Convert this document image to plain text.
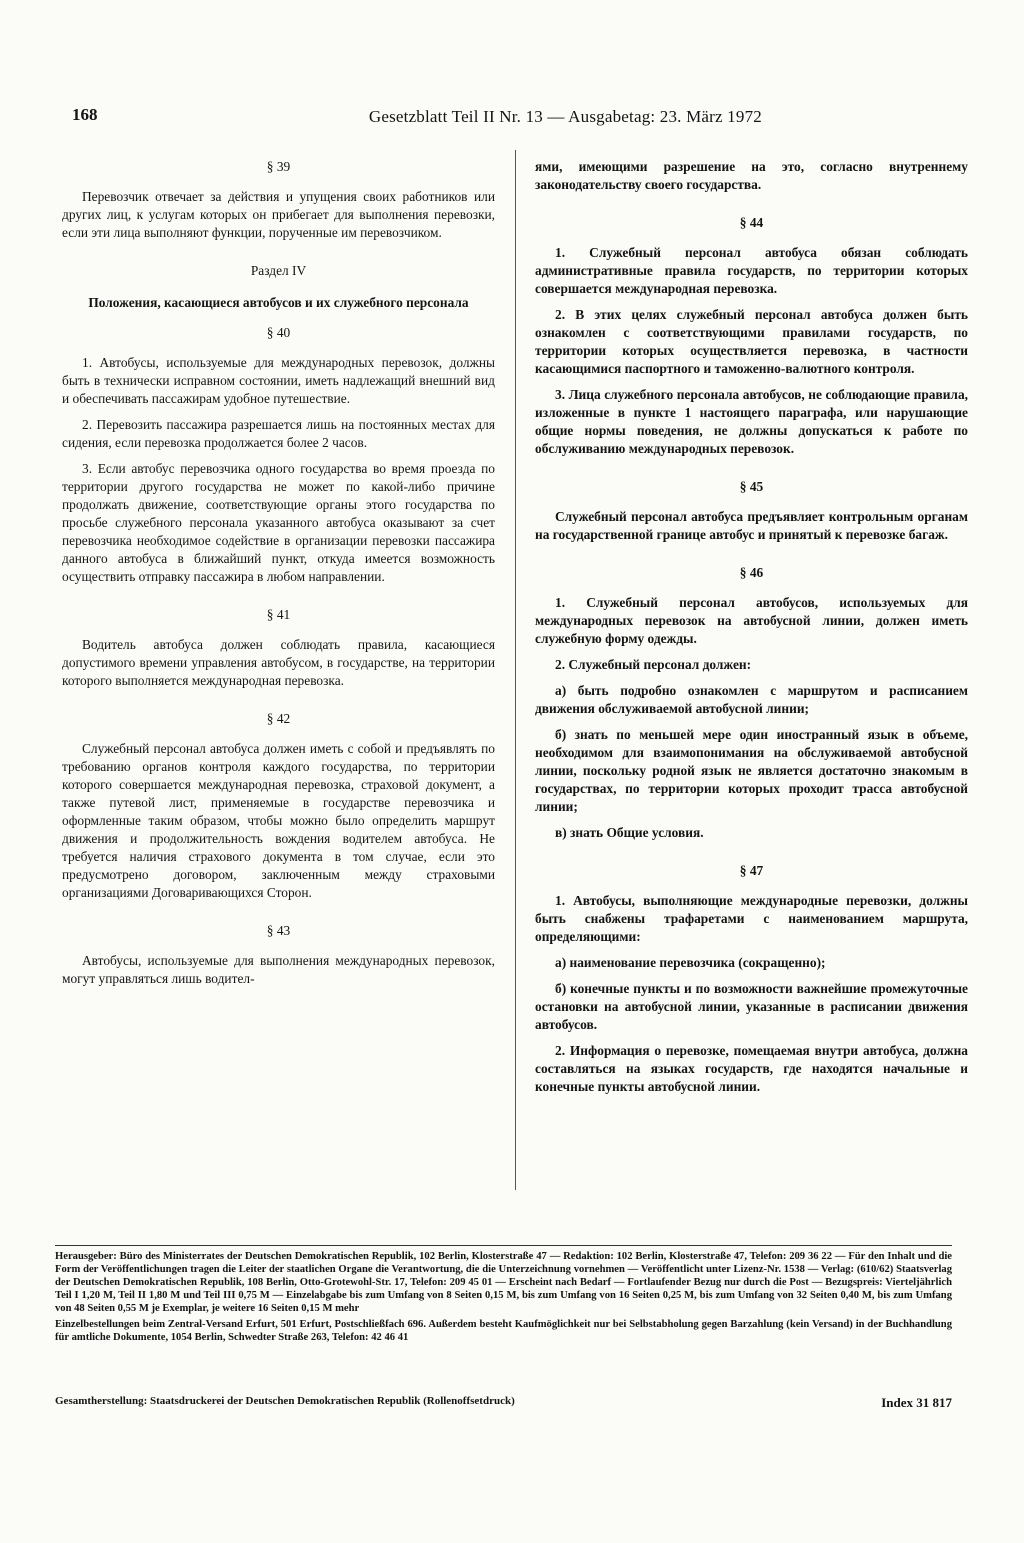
168	Gesetzblatt Teil II Nr. 13 — Ausgabetag: 23. März 1972
§ 39

Перевозчик отвечает за действия и упущения своих работников или других лиц, к услугам которых он прибегает для выполнения перевозки, если эти лица выполняют функции, порученные им перевозчиком.

Раздел IV
Положения, касающиеся автобусов и их служебного персонала
§ 40

1. Автобусы, используемые для международных перевозок, должны быть в технически исправном состоянии, иметь надлежащий внешний вид и обеспечивать пассажирам удобное путешествие.

2. Перевозить пассажира разрешается лишь на постоянных местах для сидения, если перевозка продолжается более 2 часов.

3. Если автобус перевозчика одного государства во время проезда по территории другого государства не может по какой-либо причине продолжать движение, соответствующие органы этого государства по просьбе служебного персонала указанного автобуса оказывают за счет перевозчика необходимое содействие в организации перевозки пассажира данного автобуса в ближайший пункт, откуда имеется возможность осуществить отправку пассажира в любом направлении.

§ 41

Водитель автобуса должен соблюдать правила, касающиеся допустимого времени управления автобусом, в государстве, на территории которого выполняется международная перевозка.

§ 42

Служебный персонал автобуса должен иметь с собой и предъявлять по требованию органов контроля каждого государства, по территории которого совершается международная перевозка, страховой документ, а также путевой лист, применяемые в государстве перевозчика и оформленные таким образом, чтобы можно было определить маршрут движения и продолжительность вождения водителем автобуса. Не требуется наличия страхового документа в том случае, если это предусмотрено договором, заключенным между страховыми организациями Договаривающихся Сторон.

§ 43

Автобусы, используемые для выполнения международных перевозок, могут управляться лишь водител-

ями, имеющими разрешение на это, согласно внутреннему законодательству своего государства.

§ 44

1. Служебный персонал автобуса обязан соблюдать административные правила государств, по территории которых совершается международная перевозка.

2. В этих целях служебный персонал автобуса должен быть ознакомлен с соответствующими правилами государств, по территории которых осуществляется перевозка, в частности касающимися паспортного и таможенно-валютного контроля.

3. Лица служебного персонала автобусов, не соблюдающие правила, изложенные в пункте 1 настоящего параграфа, или нарушающие общие нормы поведения, не должны допускаться к работе по обслуживанию международных перевозок.

§ 45

Служебный персонал автобуса предъявляет контрольным органам на государственной границе автобус и принятый к перевозке багаж.

§ 46

1. Служебный персонал автобусов, используемых для международных перевозок на автобусной линии, должен иметь служебную форму одежды.

2. Служебный персонал должен:

а) быть подробно ознакомлен с маршрутом и расписанием движения обслуживаемой автобусной линии;

б) знать по меньшей мере один иностранный язык в объеме, необходимом для взаимопонимания на обслуживаемой автобусной линии, поскольку родной язык не является достаточно знакомым в государствах, по территории которых проходит трасса автобусной линии;

в) знать Общие условия.

§ 47

1. Автобусы, выполняющие международные перевозки, должны быть снабжены трафаретами с наименованием маршрута, определяющими:

а) наименование перевозчика (сокращенно);

б) конечные пункты и по возможности важнейшие промежуточные остановки на автобусной линии, указанные в расписании движения автобусов.

2. Информация о перевозке, помещаемая внутри автобуса, должна составляться на языках государств, где находятся начальные и конечные пункты автобусной линии.

Herausgeber: Büro des Ministerrates der Deutschen Demokratischen Republik, 102 Berlin, Klosterstraße 47 — Redaktion: 102 Berlin, Klosterstraße 47, Telefon: 209 36 22 — Für den Inhalt und die Form der Veröffentlichungen tragen die Leiter der staatlichen Organe die Verantwortung, die die Unterzeichnung vornehmen — Veröffentlicht unter Lizenz-Nr. 1538 — Verlag: (610/62) Staatsverlag der Deutschen Demokratischen Republik, 108 Berlin, Otto-Grotewohl-Str. 17, Telefon: 209 45 01 — Erscheint nach Bedarf — Fortlaufender Bezug nur durch die Post — Bezugspreis: Vierteljährlich Teil I 1,20 M, Teil II 1,80 M und Teil III 0,75 M — Einzelabgabe bis zum Umfang von 8 Seiten 0,15 M, bis zum Umfang von 16 Seiten 0,25 M, bis zum Umfang von 32 Seiten 0,40 M, bis zum Umfang von 48 Seiten 0,55 M je Exemplar, je weitere 16 Seiten 0,15 M mehr

Einzelbestellungen beim Zentral-Versand Erfurt, 501 Erfurt, Postschließfach 696. Außerdem besteht Kaufmöglichkeit nur bei Selbstabholung gegen Barzahlung (kein Versand) in der Buchhandlung für amtliche Dokumente, 1054 Berlin, Schwedter Straße 263, Telefon: 42 46 41

Gesamtherstellung: Staatsdruckerei der Deutschen Demokratischen Republik (Rollenoffsetdruck)	Index 31 817
